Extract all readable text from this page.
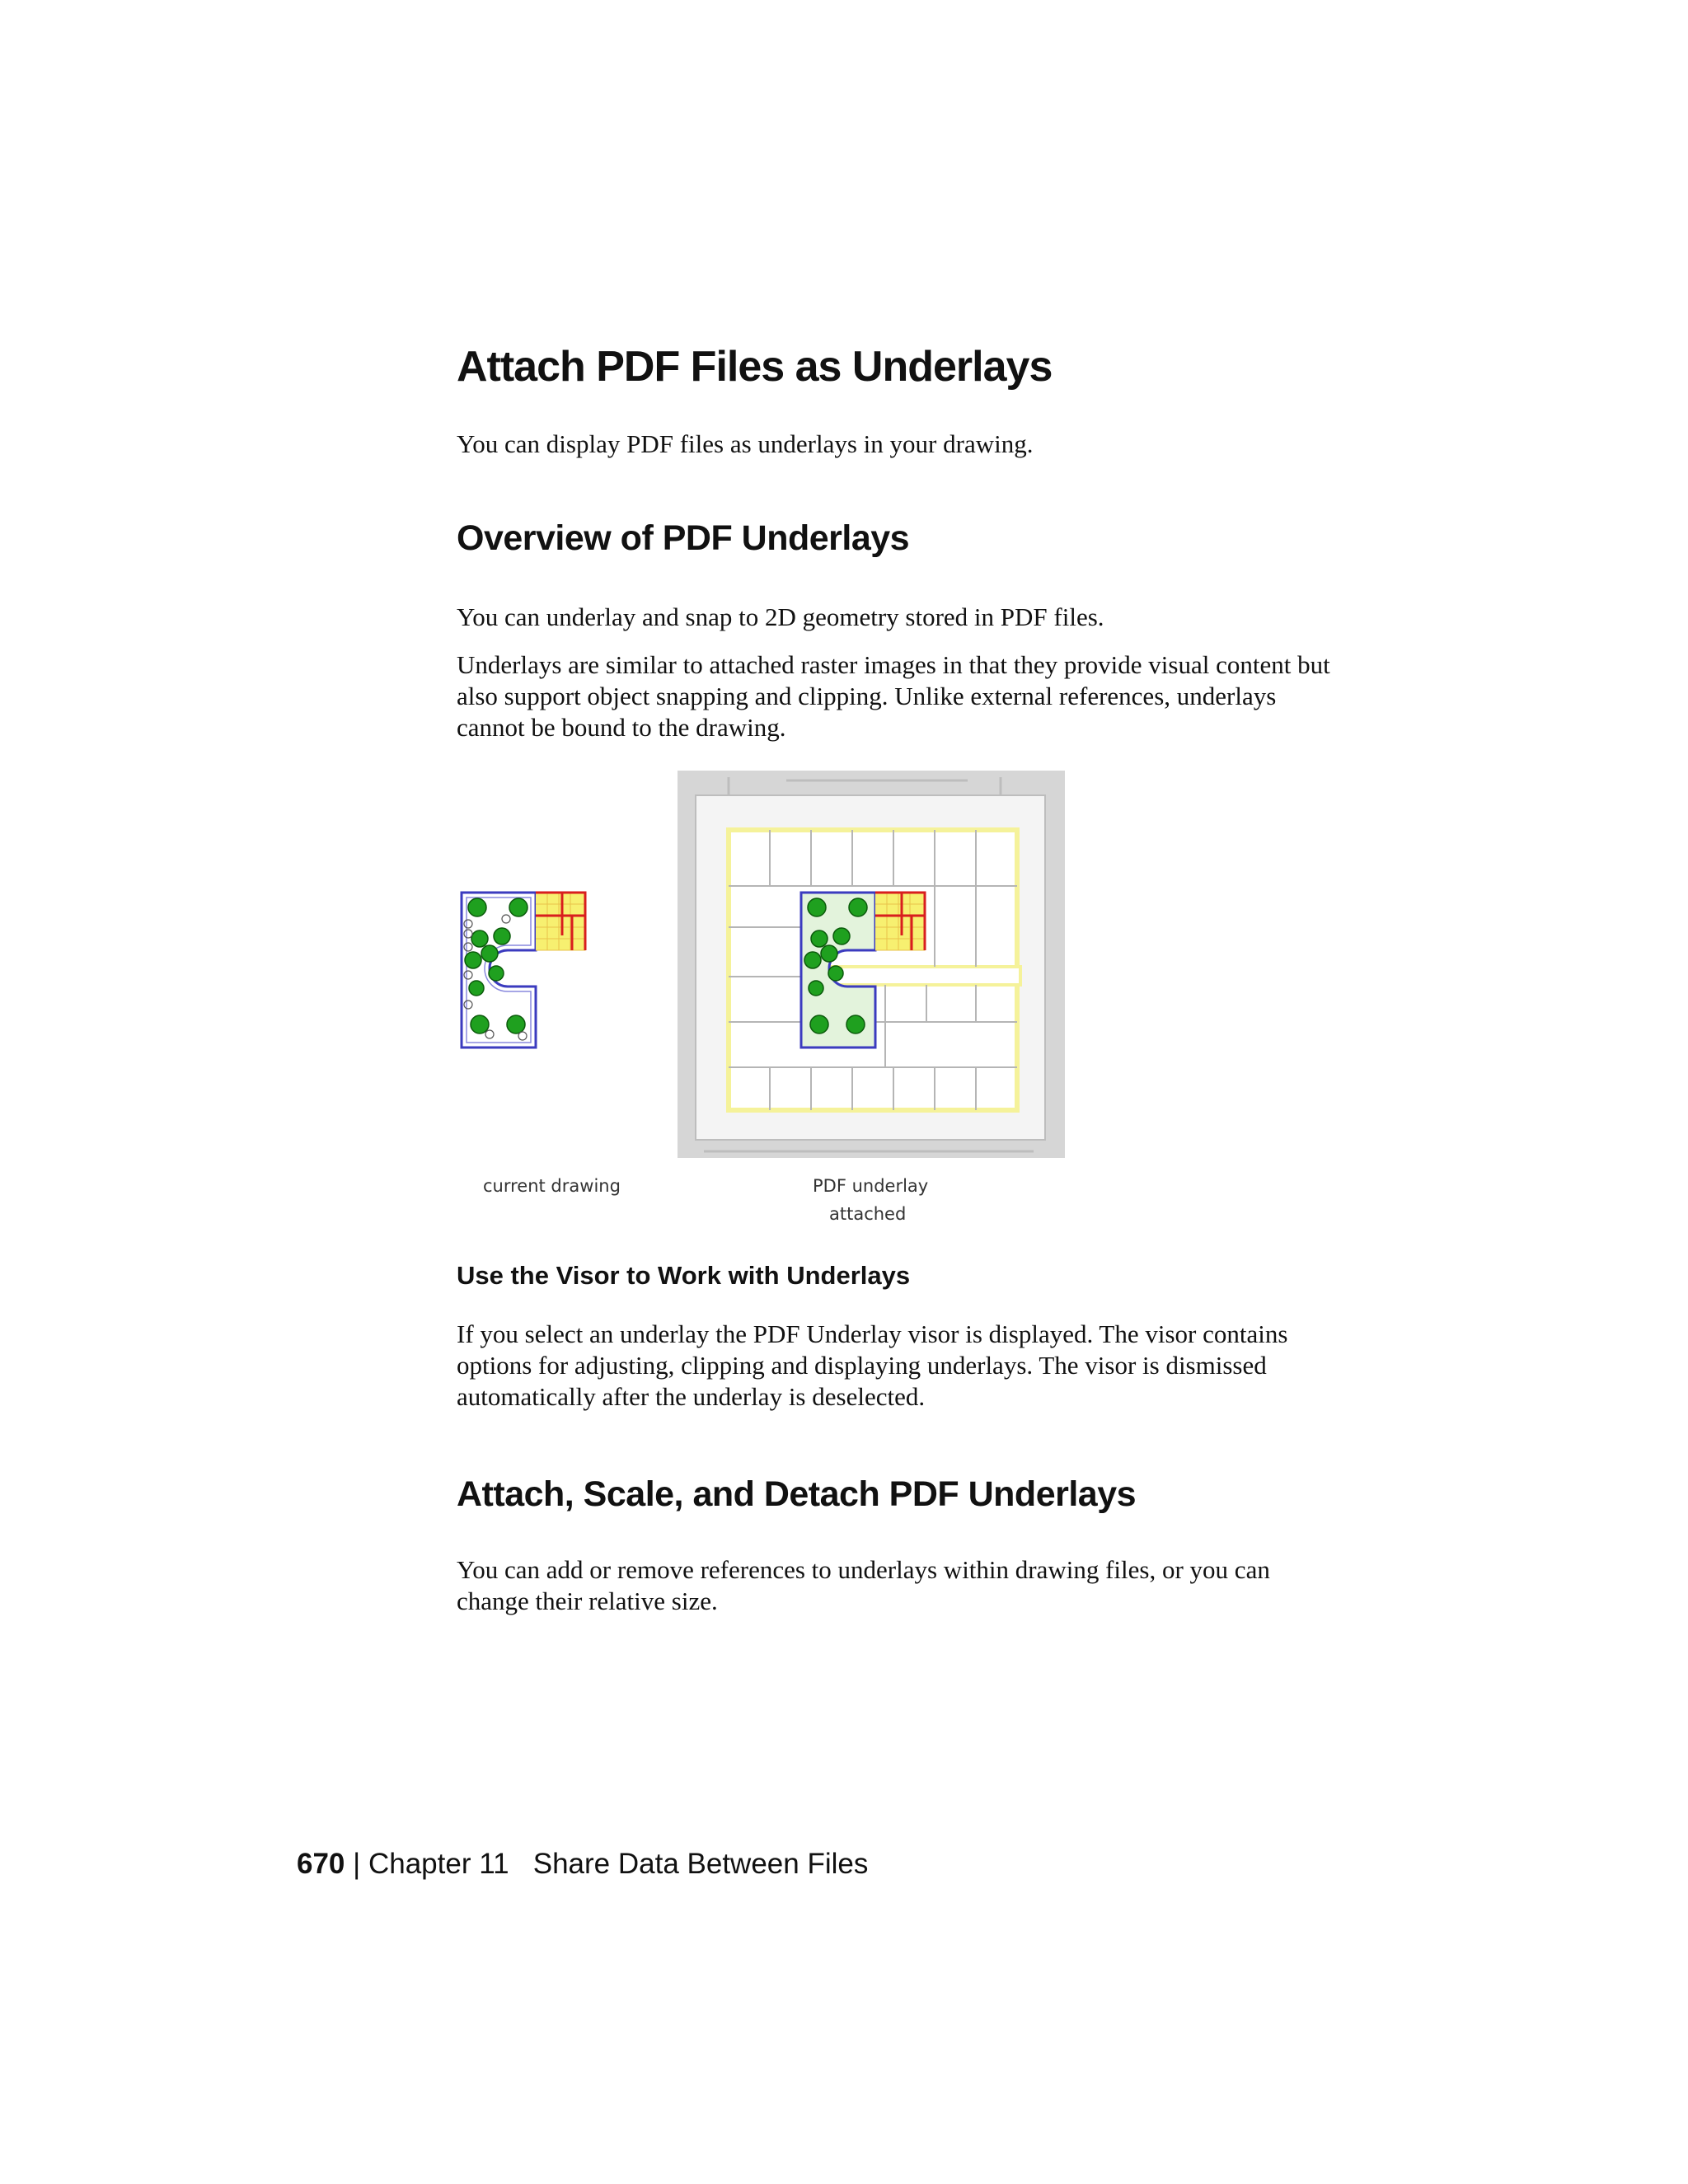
Attach PDF Files as Underlays

You can display PDF files as underlays in your drawing.

Overview of PDF Underlays

You can underlay and snap to 2D geometry stored in PDF files.

Underlays are similar to attached raster images in that they provide visual content but also support object snapping and clipping. Unlike external references, underlays cannot be bound to the drawing.

Use the Visor to Work with Underlays

If you select an underlay the PDF Underlay visor is displayed. The visor contains options for adjusting, clipping and displaying underlays. The visor is dismissed automatically after the underlay is deselected.

Attach, Scale, and Detach PDF Underlays

You can add or remove references to underlays within drawing files, or you can change their relative size.

current drawing	PDF underlay
attached
670 | Chapter 11 Share Data Between Files
